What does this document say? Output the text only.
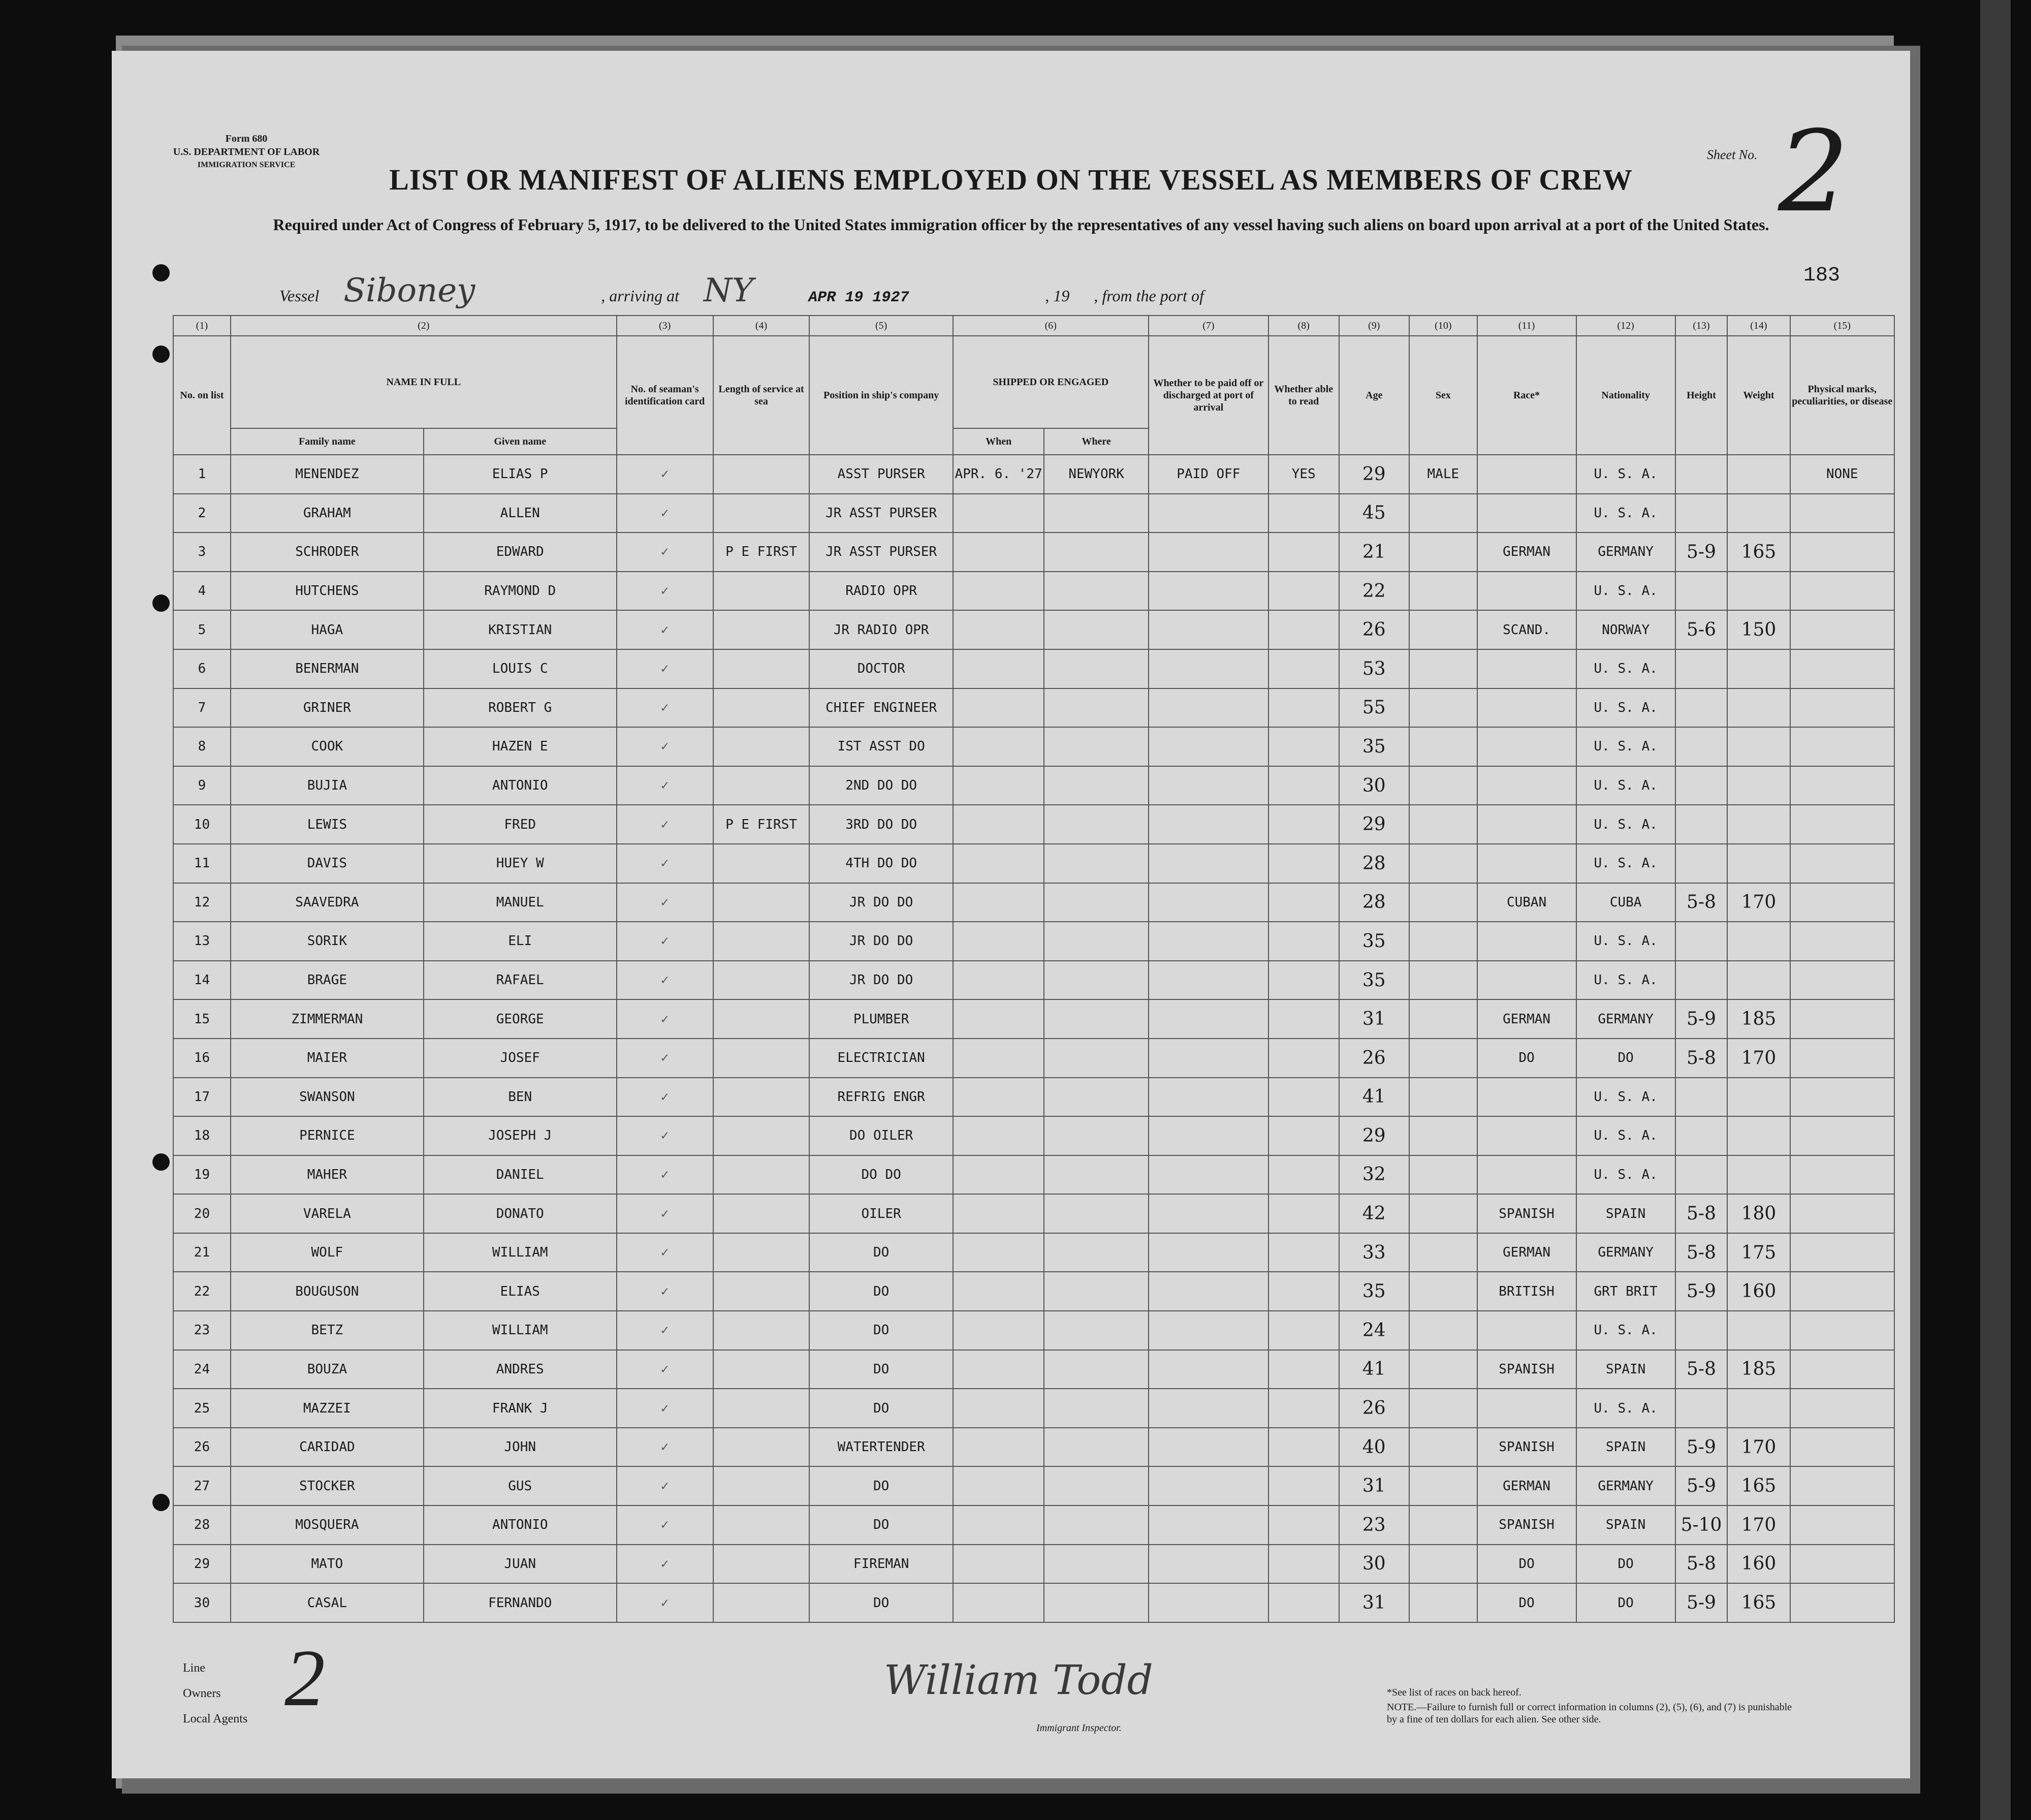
Form 680
U.S. DEPARTMENT OF LABOR
IMMIGRATION SERVICE
Sheet No. 2
LIST OR MANIFEST OF ALIENS EMPLOYED ON THE VESSEL AS MEMBERS OF CREW
Required under Act of Congress of February 5, 1917, to be delivered to the United States immigration officer by the representatives of any vessel having such aliens on board upon arrival at a port of the United States.
Vessel Siboney	, arriving at NY	APR 19 1927	, 19 , from the port of
183
(1)	(2)		(3)	(4)	(5)	(6)		(7)	(8)	(9)	(10)	(11)	(12)	(13)	(14)	(15)
No. on list	NAME IN FULL		No. of seaman's identification card	Length of service at sea	Position in ship's company	SHIPPED OR ENGAGED		Whether to be paid off or discharged at port of arrival	Whether able to read	Age	Sex	Race*	Nationality	Height	Weight	Physical marks, peculiarities, or disease
	Family name	Given name				When	Where									
1	MENENDEZ	ELIAS P	✓		ASST PURSER	APR. 6. '27	NEWYORK	PAID OFF	YES	29	MALE		U. S. A.			NONE
2	GRAHAM	ALLEN	✓		JR ASST PURSER					45			U. S. A.			
3	SCHRODER	EDWARD	✓	P E FIRST	JR ASST PURSER					21		GERMAN	GERMANY	5-9	165	
4	HUTCHENS	RAYMOND D	✓		RADIO OPR					22			U. S. A.			
5	HAGA	KRISTIAN	✓		JR RADIO OPR					26		SCAND.	NORWAY	5-6	150	
6	BENERMAN	LOUIS C	✓		DOCTOR					53			U. S. A.			
7	GRINER	ROBERT G	✓		CHIEF ENGINEER					55			U. S. A.			
8	COOK	HAZEN E	✓		IST ASST DO					35			U. S. A.			
9	BUJIA	ANTONIO	✓		2ND DO DO					30			U. S. A.			
10	LEWIS	FRED	✓	P E FIRST	3RD DO DO					29			U. S. A.			
11	DAVIS	HUEY W	✓		4TH DO DO					28			U. S. A.			
12	SAAVEDRA	MANUEL	✓		JR DO DO					28		CUBAN	CUBA	5-8	170	
13	SORIK	ELI	✓		JR DO DO					35			U. S. A.			
14	BRAGE	RAFAEL	✓		JR DO DO					35			U. S. A.			
15	ZIMMERMAN	GEORGE	✓		PLUMBER					31		GERMAN	GERMANY	5-9	185	
16	MAIER	JOSEF	✓		ELECTRICIAN					26		DO	DO	5-8	170	
17	SWANSON	BEN	✓		REFRIG ENGR					41			U. S. A.			
18	PERNICE	JOSEPH J	✓		DO OILER					29			U. S. A.			
19	MAHER	DANIEL	✓		DO DO					32			U. S. A.			
20	VARELA	DONATO	✓		OILER					42		SPANISH	SPAIN	5-8	180	
21	WOLF	WILLIAM	✓		DO					33		GERMAN	GERMANY	5-8	175	
22	BOUGUSON	ELIAS	✓		DO					35		BRITISH	GRT BRIT	5-9	160	
23	BETZ	WILLIAM	✓		DO					24			U. S. A.			
24	BOUZA	ANDRES	✓		DO					41		SPANISH	SPAIN	5-8	185	
25	MAZZEI	FRANK J	✓		DO					26			U. S. A.			
26	CARIDAD	JOHN	✓		WATERTENDER					40		SPANISH	SPAIN	5-9	170	
27	STOCKER	GUS	✓		DO					31		GERMAN	GERMANY	5-9	165	
28	MOSQUERA	ANTONIO	✓		DO					23		SPANISH	SPAIN	5-10	170	
29	MATO	JUAN	✓		FIREMAN					30		DO	DO	5-8	160	
30	CASAL	FERNANDO	✓		DO					31		DO	DO	5-9	165	
Line
Owners
Local Agents 2	William Todd
Immigrant Inspector.
*See list of races on back hereof.
NOTE.—Failure to furnish full or correct information in columns (2), (5), (6), and (7) is punishable by a fine of ten dollars for each alien. See other side.
